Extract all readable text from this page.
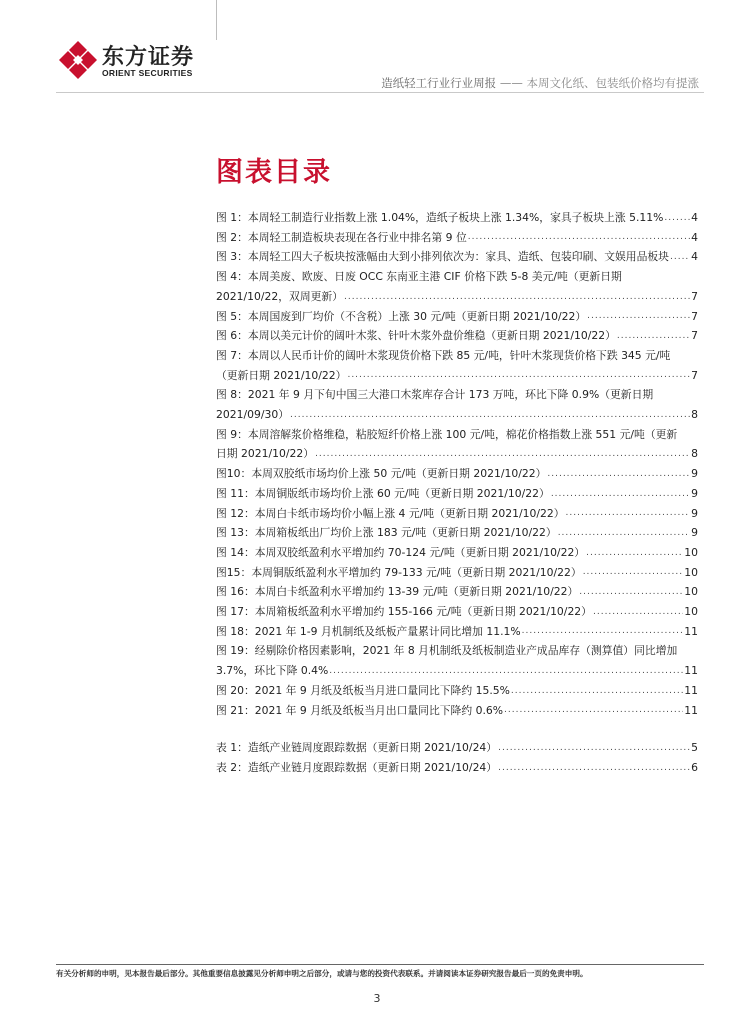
东方证券
ORIENT SECURITIES
造纸轻工行业行业周报 —— 本周文化纸、包装纸价格均有提涨
图表目录
图 1：本周轻工制造行业指数上涨 1.04%，造纸子板块上涨 1.34%，家具子板块上涨 5.11% .....	4
图 2：本周轻工制造板块表现在各行业中排名第 9 位 .....	4
图 3：本周轻工四大子板块按涨幅由大到小排列依次为：家具、造纸、包装印刷、文娱用品板块 ..... 4
图 4：本周美废、欧废、日废 OCC 东南亚主港 CIF 价格下跌 5-8 美元/吨（更新日期
2021/10/22，双周更新） .....	7
图 5：本周国废到厂均价（不含税）上涨 30 元/吨（更新日期 2021/10/22） .....	7
图 6：本周以美元计价的阔叶木浆、针叶木浆外盘价维稳（更新日期 2021/10/22） .....	7
图 7：本周以人民币计价的阔叶木浆现货价格下跌 85 元/吨，针叶木浆现货价格下跌 345 元/吨
（更新日期 2021/10/22） .....	7
图 8：2021 年 9 月下旬中国三大港口木浆库存合计 173 万吨，环比下降 0.9%（更新日期
2021/09/30） .....	8
图 9：本周溶解浆价格维稳，粘胶短纤价格上涨 100 元/吨，棉花价格指数上涨 551 元/吨（更新
日期 2021/10/22） .....	8
图10：本周双胶纸市场均价上涨 50 元/吨（更新日期 2021/10/22） .....	9
图 11：本周铜版纸市场均价上涨 60 元/吨（更新日期 2021/10/22） .....	9
图 12：本周白卡纸市场均价小幅上涨 4 元/吨（更新日期 2021/10/22） .....	9
图 13：本周箱板纸出厂均价上涨 183 元/吨（更新日期 2021/10/22） .....	9
图 14：本周双胶纸盈利水平增加约 70-124 元/吨（更新日期 2021/10/22） .....	10
图15：本周铜版纸盈利水平增加约 79-133 元/吨（更新日期 2021/10/22） .....	10
图 16：本周白卡纸盈利水平增加约 13-39 元/吨（更新日期 2021/10/22） .....	10
图 17：本周箱板纸盈利水平增加约 155-166 元/吨（更新日期 2021/10/22） .....	10
图 18：2021 年 1-9 月机制纸及纸板产量累计同比增加 11.1% .....	11
图 19：经剔除价格因素影响，2021 年 8 月机制纸及纸板制造业产成品库存（测算值）同比增加
3.7%，环比下降 0.4% .....	11
图 20：2021 年 9 月纸及纸板当月进口量同比下降约 15.5% .....	11
图 21：2021 年 9 月纸及纸板当月出口量同比下降约 0.6% .....	11
表 1：造纸产业链周度跟踪数据（更新日期 2021/10/24） .....	5
表 2：造纸产业链月度跟踪数据（更新日期 2021/10/24） .....	6
有关分析师的申明，见本报告最后部分。其他重要信息披露见分析师申明之后部分，或请与您的投资代表联系。并请阅读本证券研究报告最后一页的免责申明。
3
